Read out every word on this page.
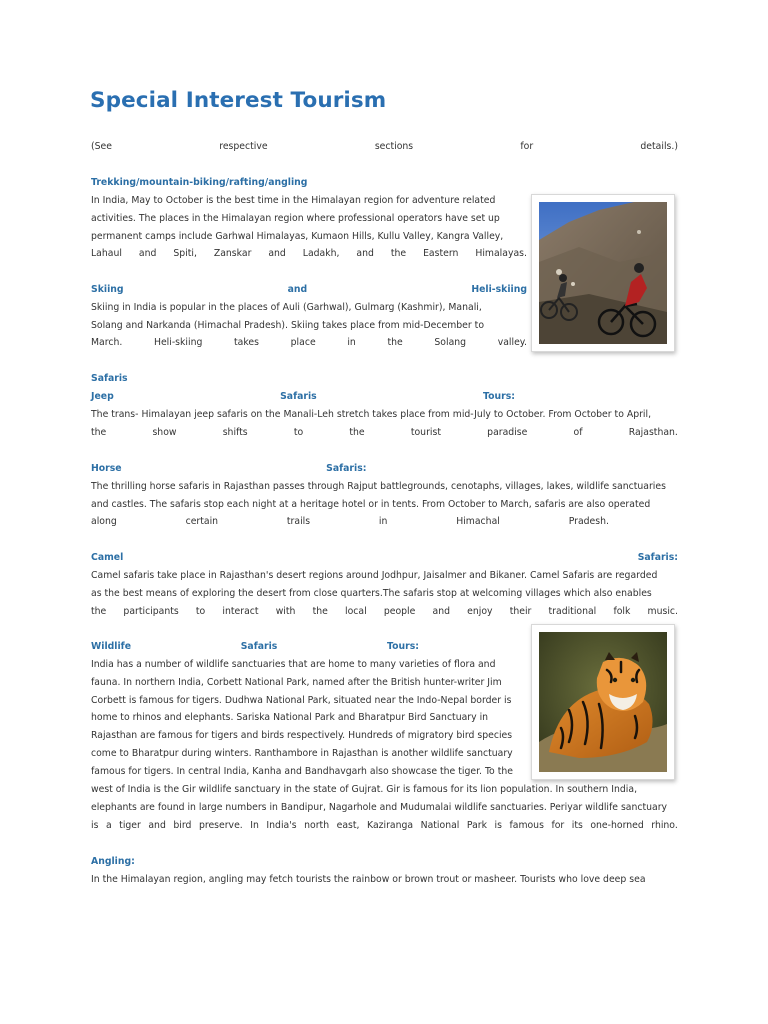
Special Interest Tourism
(See	respective	sections	for	details.)
Trekking/mountain-biking/rafting/angling
In India, May to October is the best time in the Himalayan region for adventure related
activities. The places in the Himalayan region where professional operators have set up
permanent camps include Garhwal Himalayas, Kumaon Hills, Kullu Valley, Kangra Valley,
Lahaul and Spiti, Zanskar and Ladakh, and the Eastern Himalayas.
Skiing	and	Heli-skiing
Skiing in India is popular in the places of Auli (Garhwal), Gulmarg (Kashmir), Manali,
Solang and Narkanda (Himachal Pradesh). Skiing takes place from mid-December to
March.	Heli-skiing	takes	place	in	the	Solang	valley.
Safaris
Jeep	Safaris	Tours:
The trans- Himalayan jeep safaris on the Manali-Leh stretch takes place from mid-July to October. From October to April,
the	show	shifts	to	the	tourist	paradise	of	Rajasthan.
Horse	Safaris:
The thrilling horse safaris in Rajasthan passes through Rajput battlegrounds, cenotaphs, villages, lakes, wildlife sanctuaries
and castles. The safaris stop each night at a heritage hotel or in tents. From October to March, safaris are also operated
along	certain	trails	in	Himachal	Pradesh.
Camel	Safaris:
Camel safaris take place in Rajasthan's desert regions around Jodhpur, Jaisalmer and Bikaner. Camel Safaris are regarded
as the best means of exploring the desert from close quarters.The safaris stop at welcoming villages which also enables
the participants to interact with the local people and enjoy their traditional folk music.
Wildlife	Safaris	Tours:
India has a number of wildlife sanctuaries that are home to many varieties of flora and
fauna. In northern India, Corbett National Park, named after the British hunter-writer Jim
Corbett is famous for tigers. Dudhwa National Park, situated near the Indo-Nepal border is
home to rhinos and elephants. Sariska National Park and Bharatpur Bird Sanctuary in
Rajasthan are famous for tigers and birds respectively. Hundreds of migratory bird species
come to Bharatpur during winters. Ranthambore in Rajasthan is another wildlife sanctuary
famous for tigers. In central India, Kanha and Bandhavgarh also showcase the tiger. To the
west of India is the Gir wildlife sanctuary in the state of Gujrat. Gir is famous for its lion population. In southern India,
elephants are found in large numbers in Bandipur, Nagarhole and Mudumalai wildlife sanctuaries. Periyar wildlife sanctuary
is a tiger and bird preserve. In India's north east, Kaziranga National Park is famous for its one-horned rhino.
Angling:
In the Himalayan region, angling may fetch tourists the rainbow or brown trout or masheer. Tourists who love deep sea
